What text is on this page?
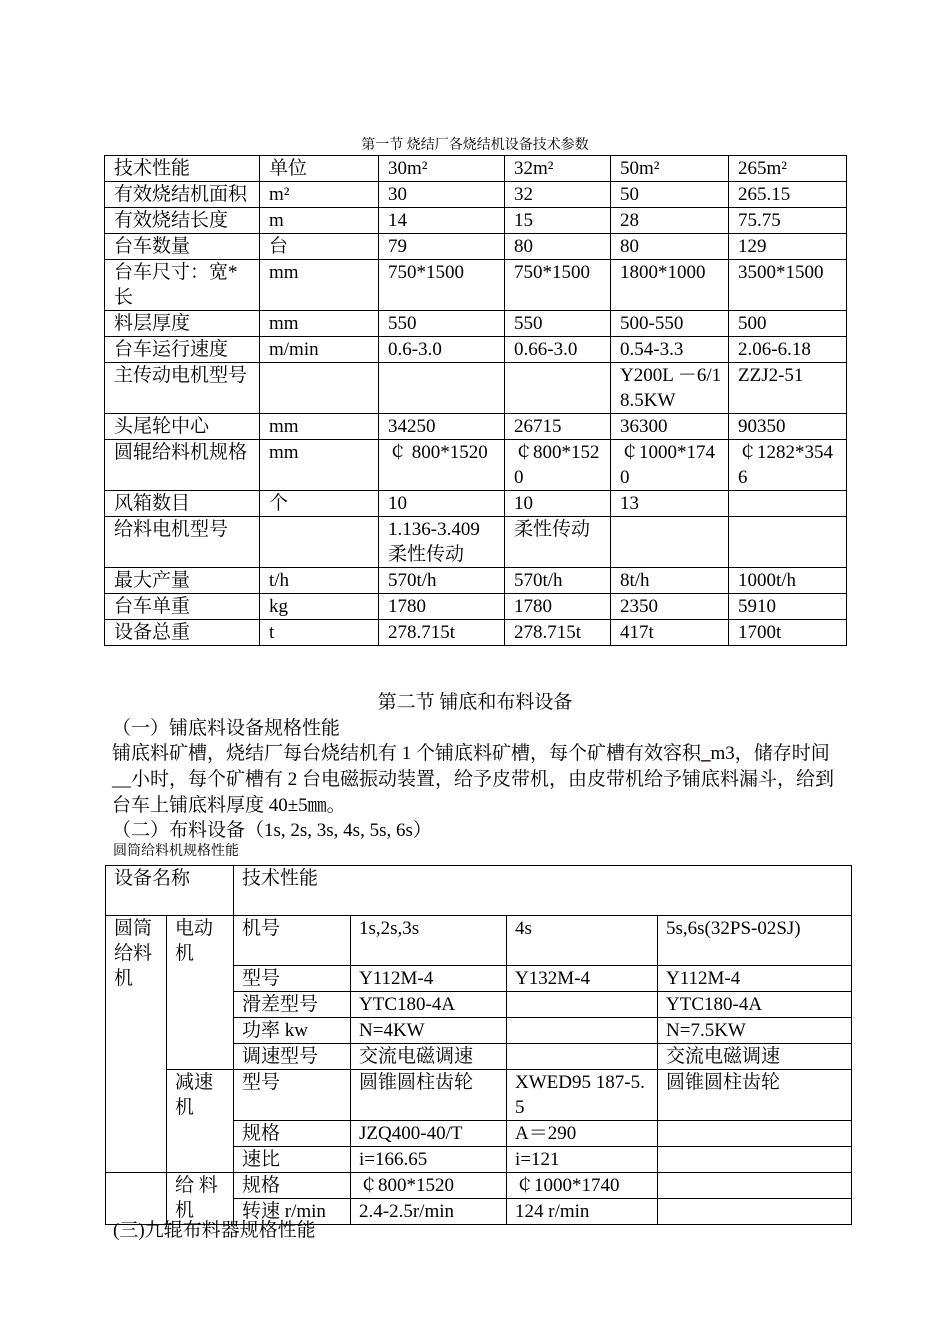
第一节 烧结厂各烧结机设备技术参数
技术性能	单位	30m²	32m²	50m²	265m²
有效烧结机面积	m²	30	32	50	265.15
有效烧结长度	m	14	15	28	75.75
台车数量	台	79	80	80	129
台车尺寸：宽*长	mm	750*1500	750*1500	1800*1000	3500*1500
料层厚度	mm	550	550	500-550	500
台车运行速度	m/min	0.6-3.0	0.66-3.0	0.54-3.3	2.06-6.18
主传动电机型号				Y200L －6/18.5KW	ZZJ2-51
头尾轮中心	mm	34250	26715	36300	90350
圆辊给料机规格	mm	￠ 800*1520	￠800*1520	￠1000*1740	￠1282*3546
风箱数目	个	10	10	13	
给料电机型号		1.136-3.409柔性传动	柔性传动		
最大产量	t/h	570t/h	570t/h	8t/h	1000t/h
台车单重	kg	1780	1780	2350	5910
设备总重	t	278.715t	278.715t	417t	1700t
第二节 铺底和布料设备
（一）铺底料设备规格性能
铺底料矿槽，烧结厂每台烧结机有 1 个铺底料矿槽，每个矿槽有效容积_m3，储存时间__小时，每个矿槽有 2 台电磁振动装置，给予皮带机，由皮带机给予铺底料漏斗，给到台车上铺底料厚度 40±5㎜。
（二）布料设备（1s, 2s, 3s, 4s, 5s, 6s）
圆筒给料机规格性能
设备名称		技术性能			
圆筒给料机	电动机	机号	1s,2s,3s	4s	5s,6s(32PS-02SJ)
		型号	Y112M-4	Y132M-4	Y112M-4
		滑差型号	YTC180-4A		YTC180-4A
		功率 kw	N=4KW		N=7.5KW
		调速型号	交流电磁调速		交流电磁调速
	减速机	型号	圆锥圆柱齿轮	XWED95 187-5.5	圆锥圆柱齿轮
		规格	JZQ400-40/T	A＝290	
		速比	i=166.65	i=121	
	给 料机	规格	￠800*1520	￠1000*1740	
		转速 r/min	2.4-2.5r/min	124 r/min	
(三)九辊布料器规格性能
